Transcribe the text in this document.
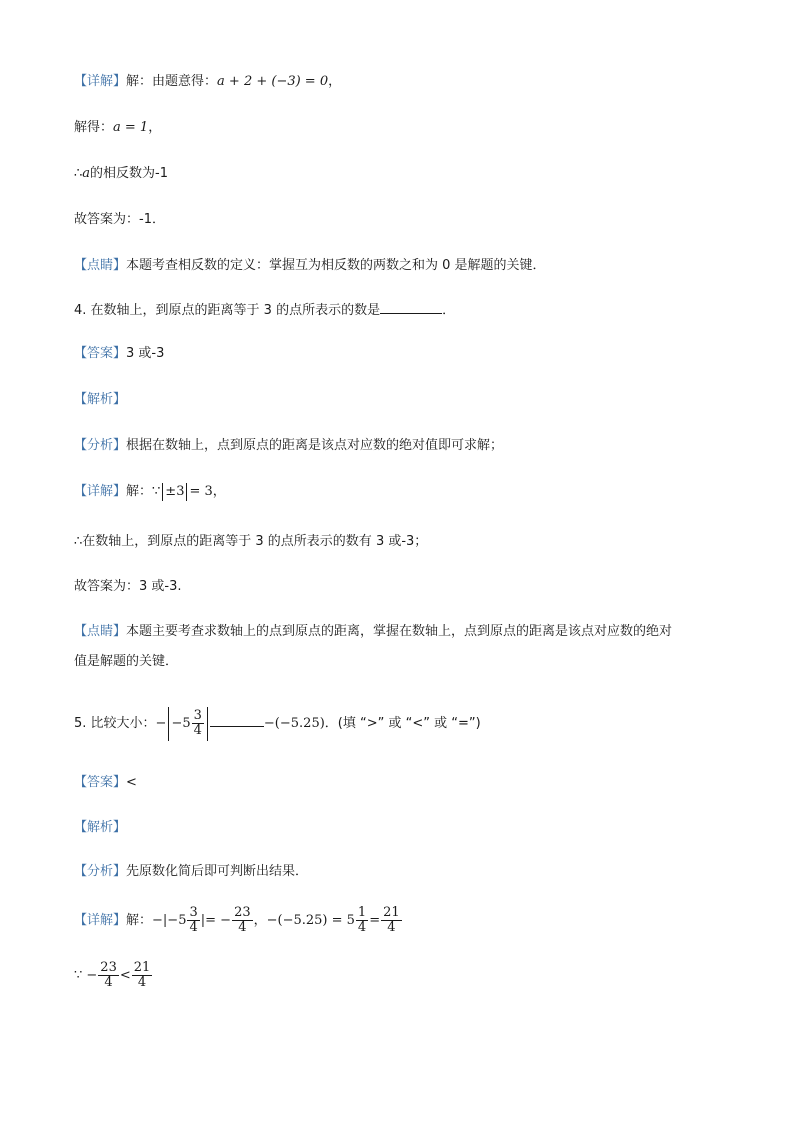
【详解】解：由题意得：a + 2 + (−3) = 0，
解得：a = 1，
∴a的相反数为-1
故答案为：-1．
【点睛】本题考查相反数的定义：掌握互为相反数的两数之和为 0 是解题的关键．
4. 在数轴上，到原点的距离等于 3 的点所表示的数是	．
【答案】3 或-3
【解析】
【分析】根据在数轴上，点到原点的距离是该点对应数的绝对值即可求解；
【详解】解：∵ ±3 = 3，
∴在数轴上，到原点的距离等于 3 的点所表示的数有 3 或-3；
故答案为：3 或-3.
【点睛】本题主要考查求数轴上的点到原点的距离，掌握在数轴上，点到原点的距离是该点对应数的绝对
值是解题的关键．
5. 比较大小：− $-5 \frac{3}{4}$	−(−5.25)．(填 “>” 或 “<” 或 “=”)
【答案】<
【解析】
【分析】先原数化简后即可判断出结果．
【详解】解：$-|-5 \frac{3}{4}$ |= − $\frac{23}{4}$ ，$-(-5.25) = 5 \frac{1}{4} = \frac{21}{4}$
∵ − $\frac{23}{4} < \frac{21}{4}$
